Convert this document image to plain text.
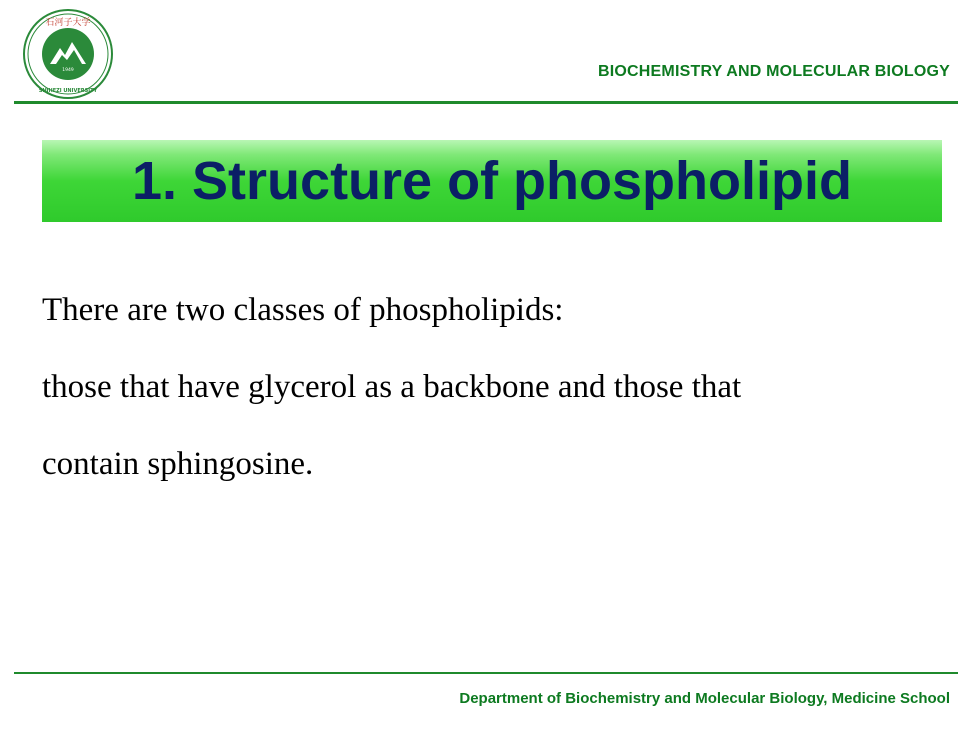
1949
石河子大学
SHIHEZI UNIVERSITY
BIOCHEMISTRY AND MOLECULAR BIOLOGY
1. Structure of phospholipid
There are two classes of phospholipids:
those that have glycerol as a backbone and those that
contain sphingosine.
Department of Biochemistry and Molecular Biology, Medicine School
